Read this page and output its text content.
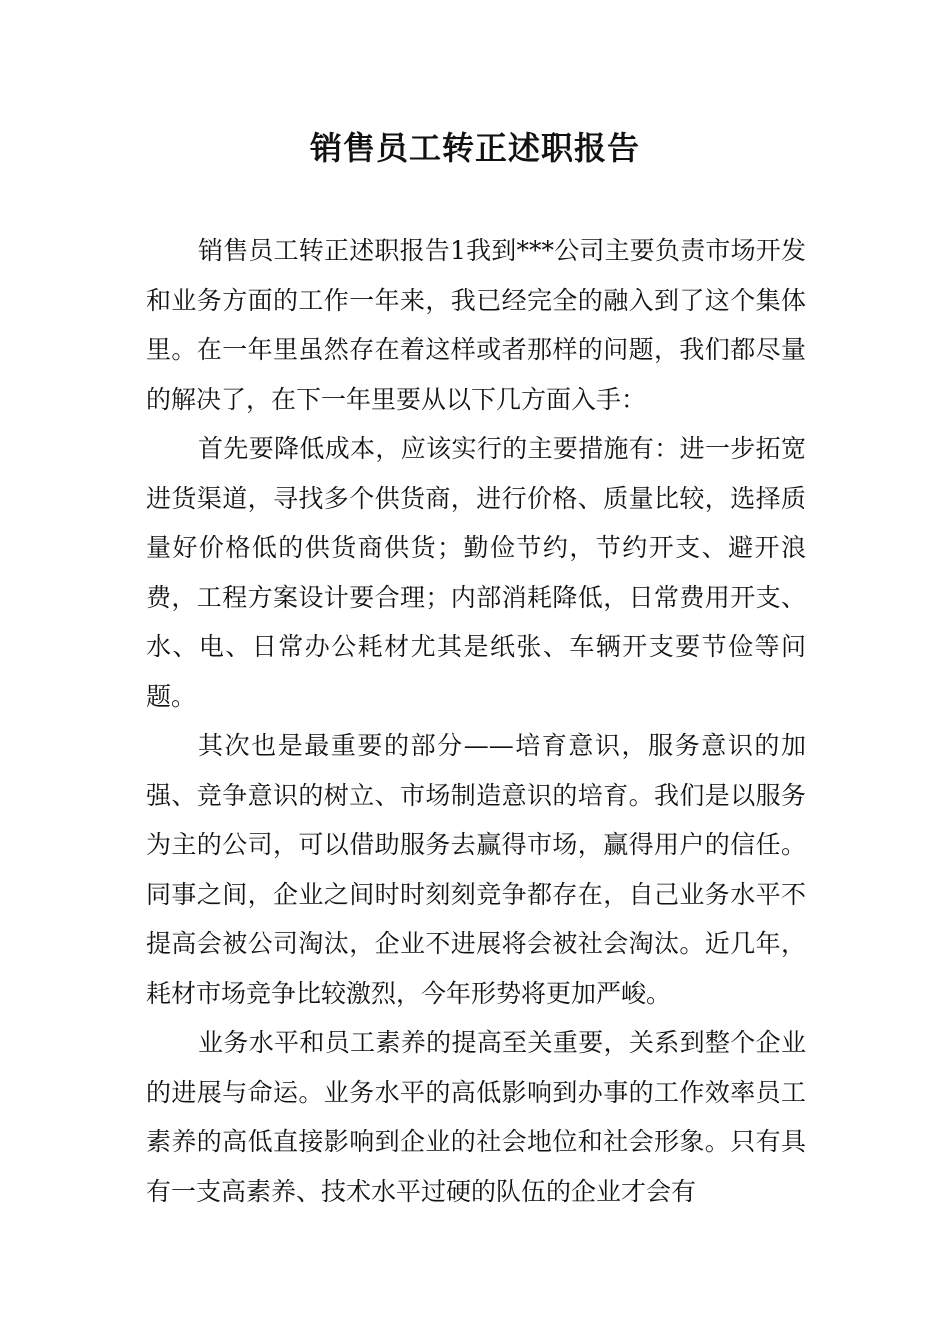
销售员工转正述职报告

销售员工转正述职报告1我到***公司主要负责市场开发和业务方面的工作一年来，我已经完全的融入到了这个集体里。在一年里虽然存在着这样或者那样的问题，我们都尽量的解决了，在下一年里要从以下几方面入手：

首先要降低成本，应该实行的主要措施有：进一步拓宽进货渠道，寻找多个供货商，进行价格、质量比较，选择质量好价格低的供货商供货；勤俭节约，节约开支、避开浪费，工程方案设计要合理；内部消耗降低，日常费用开支、水、电、日常办公耗材尤其是纸张、车辆开支要节俭等问题。

其次也是最重要的部分——培育意识，服务意识的加强、竞争意识的树立、市场制造意识的培育。我们是以服务为主的公司，可以借助服务去赢得市场，赢得用户的信任。同事之间，企业之间时时刻刻竞争都存在，自己业务水平不提高会被公司淘汰，企业不进展将会被社会淘汰。近几年，耗材市场竞争比较激烈，今年形势将更加严峻。

业务水平和员工素养的提高至关重要，关系到整个企业的进展与命运。业务水平的高低影响到办事的工作效率员工素养的高低直接影响到企业的社会地位和社会形象。只有具有一支高素养、技术水平过硬的队伍的企业才会有
